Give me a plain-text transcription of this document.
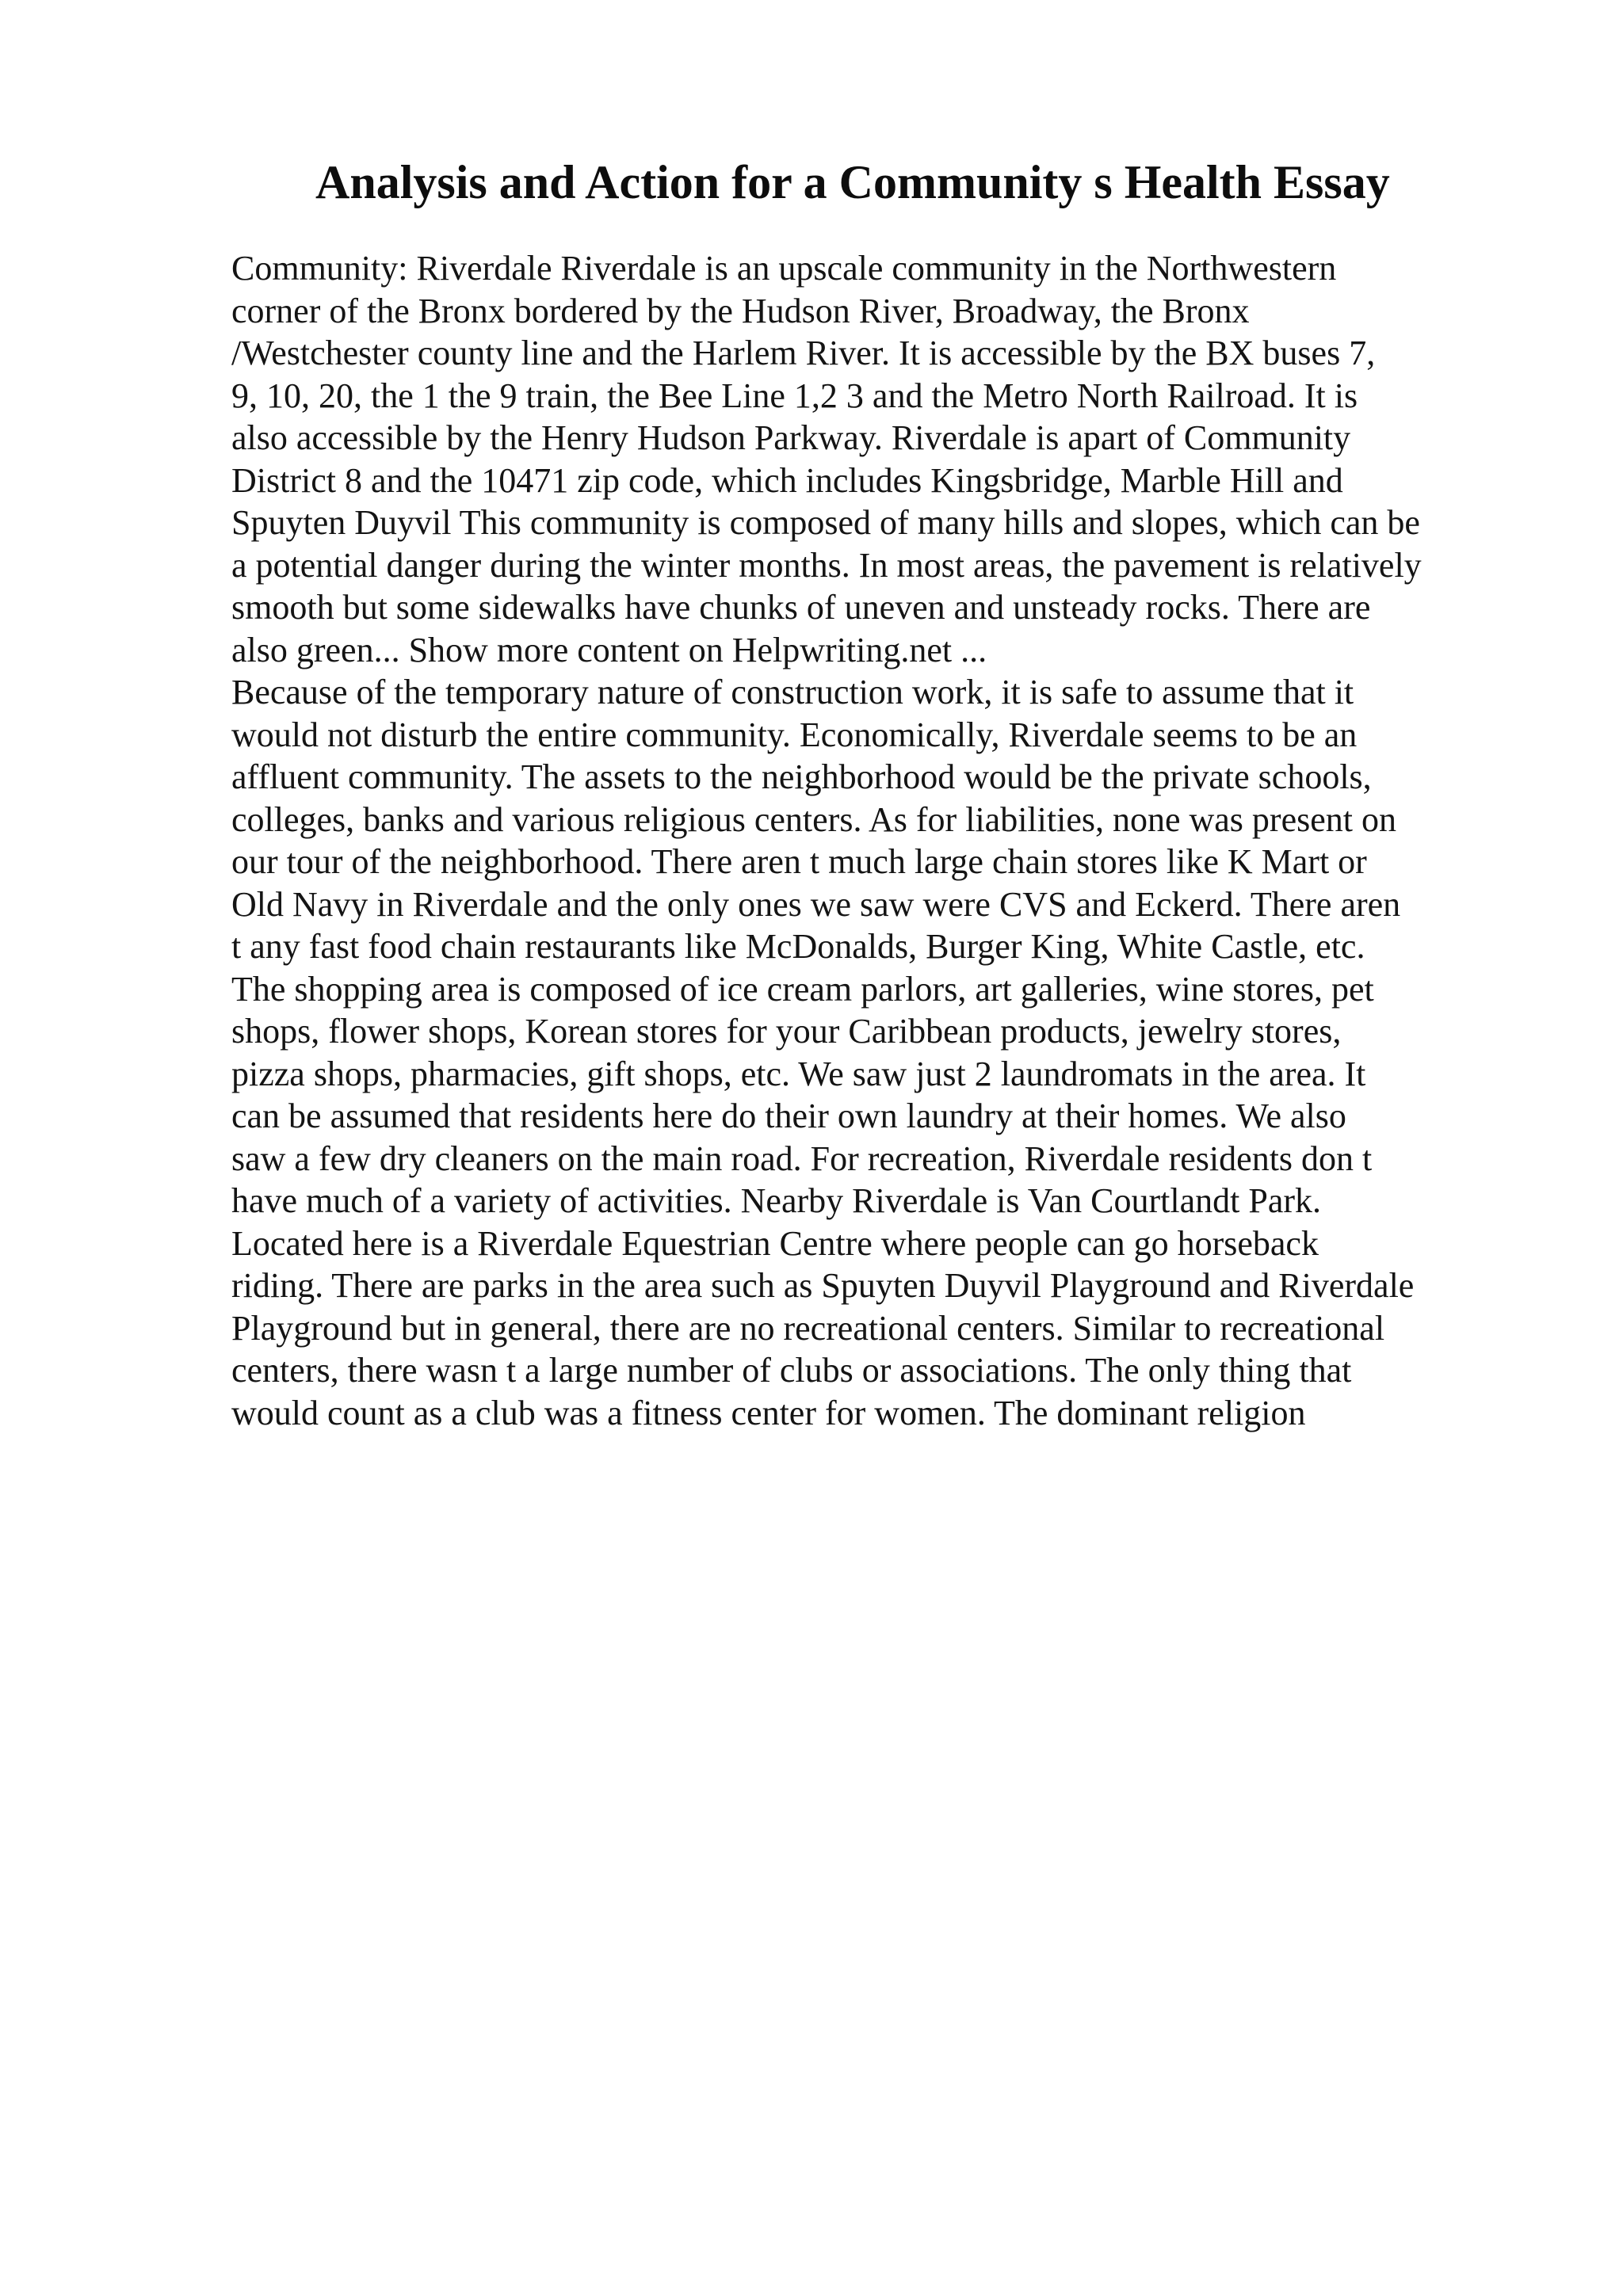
Analysis and Action for a Community s Health Essay
Community: Riverdale Riverdale is an upscale community in the Northwestern
corner of the Bronx bordered by the Hudson River, Broadway, the Bronx
/Westchester county line and the Harlem River. It is accessible by the BX buses 7,
9, 10, 20, the 1 the 9 train, the Bee Line 1,2 3 and the Metro North Railroad. It is
also accessible by the Henry Hudson Parkway. Riverdale is apart of Community
District 8 and the 10471 zip code, which includes Kingsbridge, Marble Hill and
Spuyten Duyvil This community is composed of many hills and slopes, which can be
a potential danger during the winter months. In most areas, the pavement is relatively
smooth but some sidewalks have chunks of uneven and unsteady rocks. There are
also green... Show more content on Helpwriting.net ...
Because of the temporary nature of construction work, it is safe to assume that it
would not disturb the entire community. Economically, Riverdale seems to be an
affluent community. The assets to the neighborhood would be the private schools,
colleges, banks and various religious centers. As for liabilities, none was present on
our tour of the neighborhood. There aren t much large chain stores like K Mart or
Old Navy in Riverdale and the only ones we saw were CVS and Eckerd. There aren
t any fast food chain restaurants like McDonalds, Burger King, White Castle, etc.
The shopping area is composed of ice cream parlors, art galleries, wine stores, pet
shops, flower shops, Korean stores for your Caribbean products, jewelry stores,
pizza shops, pharmacies, gift shops, etc. We saw just 2 laundromats in the area. It
can be assumed that residents here do their own laundry at their homes. We also
saw a few dry cleaners on the main road. For recreation, Riverdale residents don t
have much of a variety of activities. Nearby Riverdale is Van Courtlandt Park.
Located here is a Riverdale Equestrian Centre where people can go horseback
riding. There are parks in the area such as Spuyten Duyvil Playground and Riverdale
Playground but in general, there are no recreational centers. Similar to recreational
centers, there wasn t a large number of clubs or associations. The only thing that
would count as a club was a fitness center for women. The dominant religion
